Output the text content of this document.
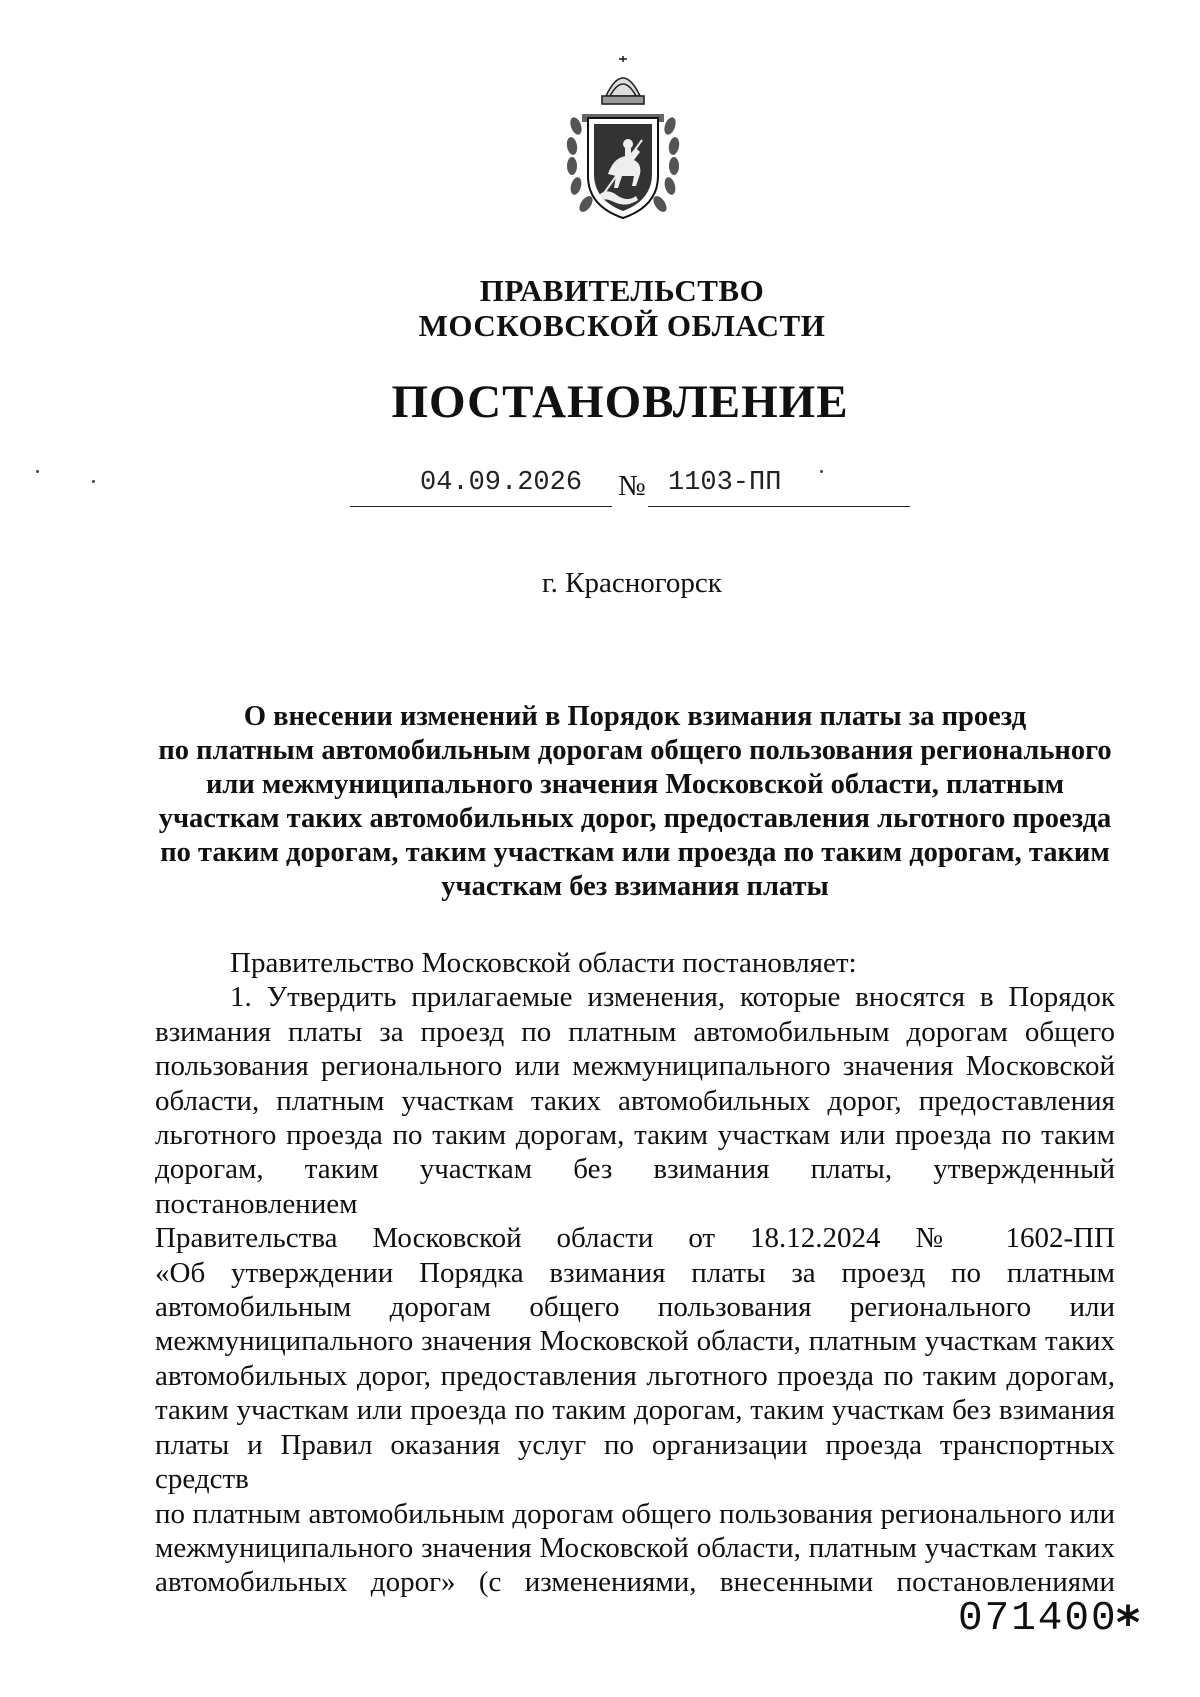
ПРАВИТЕЛЬСТВО
МОСКОВСКОЙ ОБЛАСТИ
ПОСТАНОВЛЕНИЕ
04.09.2026 № 1103-ПП
г. Красногорск
О внесении изменений в Порядок взимания платы за проезд
по платным автомобильным дорогам общего пользования регионального
или межмуниципального значения Московской области, платным
участкам таких автомобильных дорог, предоставления льготного проезда
по таким дорогам, таким участкам или проезда по таким дорогам, таким
участкам без взимания платы
Правительство Московской области постановляет:
1. Утвердить прилагаемые изменения, которые вносятся в Порядок
взимания платы за проезд по платным автомобильным дорогам общего
пользования регионального или межмуниципального значения Московской
области, платным участкам таких автомобильных дорог, предоставления
льготного проезда по таким дорогам, таким участкам или проезда по таким
дорогам, таким участкам без взимания платы, утвержденный постановлением
Правительства Московской области от 18.12.2024 № 1602-ПП
«Об утверждении Порядка взимания платы за проезд по платным
автомобильным дорогам общего пользования регионального или
межмуниципального значения Московской области, платным участкам таких
автомобильных дорог, предоставления льготного проезда по таким дорогам,
таким участкам или проезда по таким дорогам, таким участкам без взимания
платы и Правил оказания услуг по организации проезда транспортных средств
по платным автомобильным дорогам общего пользования регионального или
межмуниципального значения Московской области, платным участкам таких
автомобильных дорог» (с изменениями, внесенными постановлениями
071400
*
